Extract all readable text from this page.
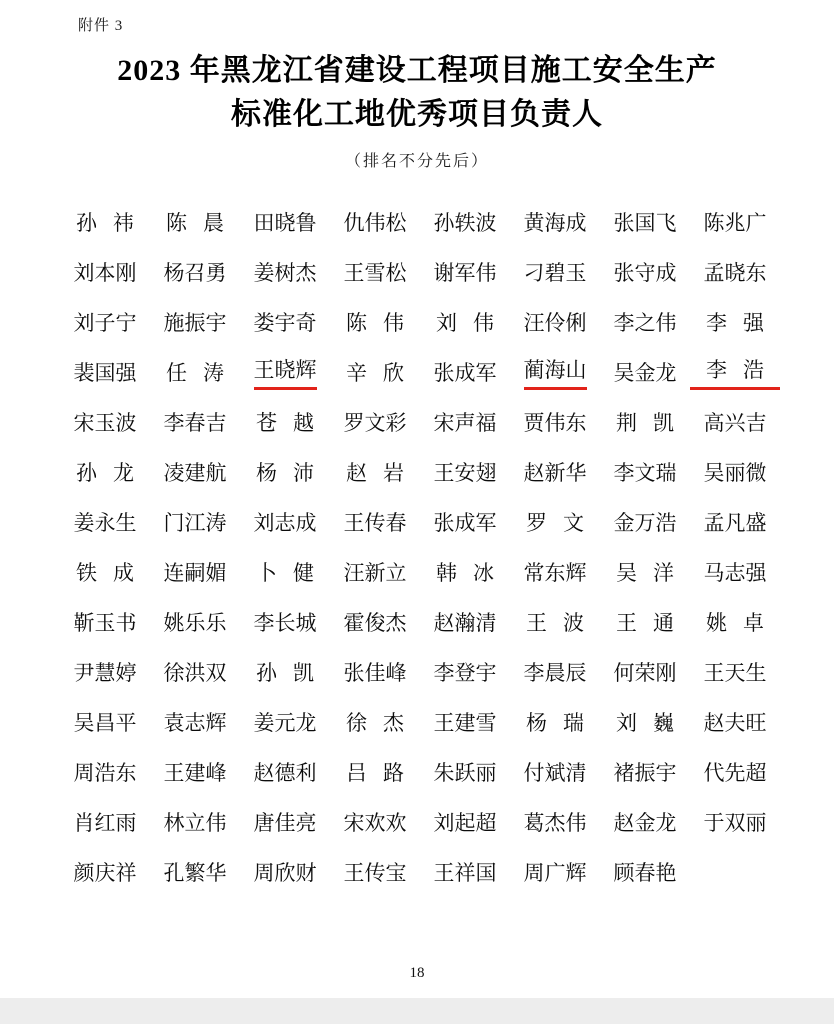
附件 3
2023 年黑龙江省建设工程项目施工安全生产
标准化工地优秀项目负责人
（排名不分先后）
孙祎 陈晨 田晓鲁 仇伟松 孙轶波 黄海成 张国飞 陈兆广
刘本刚 杨召勇 姜树杰 王雪松 谢军伟 刁碧玉 张守成 孟晓东
刘子宁 施振宇 娄宇奇	陈伟 刘伟 汪伶俐 李之伟	李强
裴国强	任涛 王晓辉	辛欣 张成军 蔺海山 吴金龙	李浩
宋玉波 李春吉	苍越 罗文彩 宋声福 贾伟东	荆凯 高兴吉
孙龙 凌建航	杨沛 赵岩 王安翅 赵新华 李文瑞 吴丽微
姜永生 门江涛 刘志成 王传春 张成军	罗文 金万浩 孟凡盛
铁成 连嗣媚	卜健 汪新立	韩冰 常东辉	吴洋 马志强
靳玉书 姚乐乐 李长城 霍俊杰 赵瀚清	王波 王通 姚卓
尹慧婷 徐洪双	孙凯 张佳峰 李登宇 李晨辰 何荣刚 王天生
吴昌平 袁志辉 姜元龙	徐杰 王建雪	杨瑞 刘巍 赵夫旺
周浩东 王建峰 赵德利	吕路 朱跃丽 付斌清 褚振宇 代先超
肖红雨 林立伟 唐佳亮 宋欢欢 刘起超 葛杰伟 赵金龙 于双丽
颜庆祥 孔繁华 周欣财 王传宝 王祥国 周广辉 顾春艳
18
